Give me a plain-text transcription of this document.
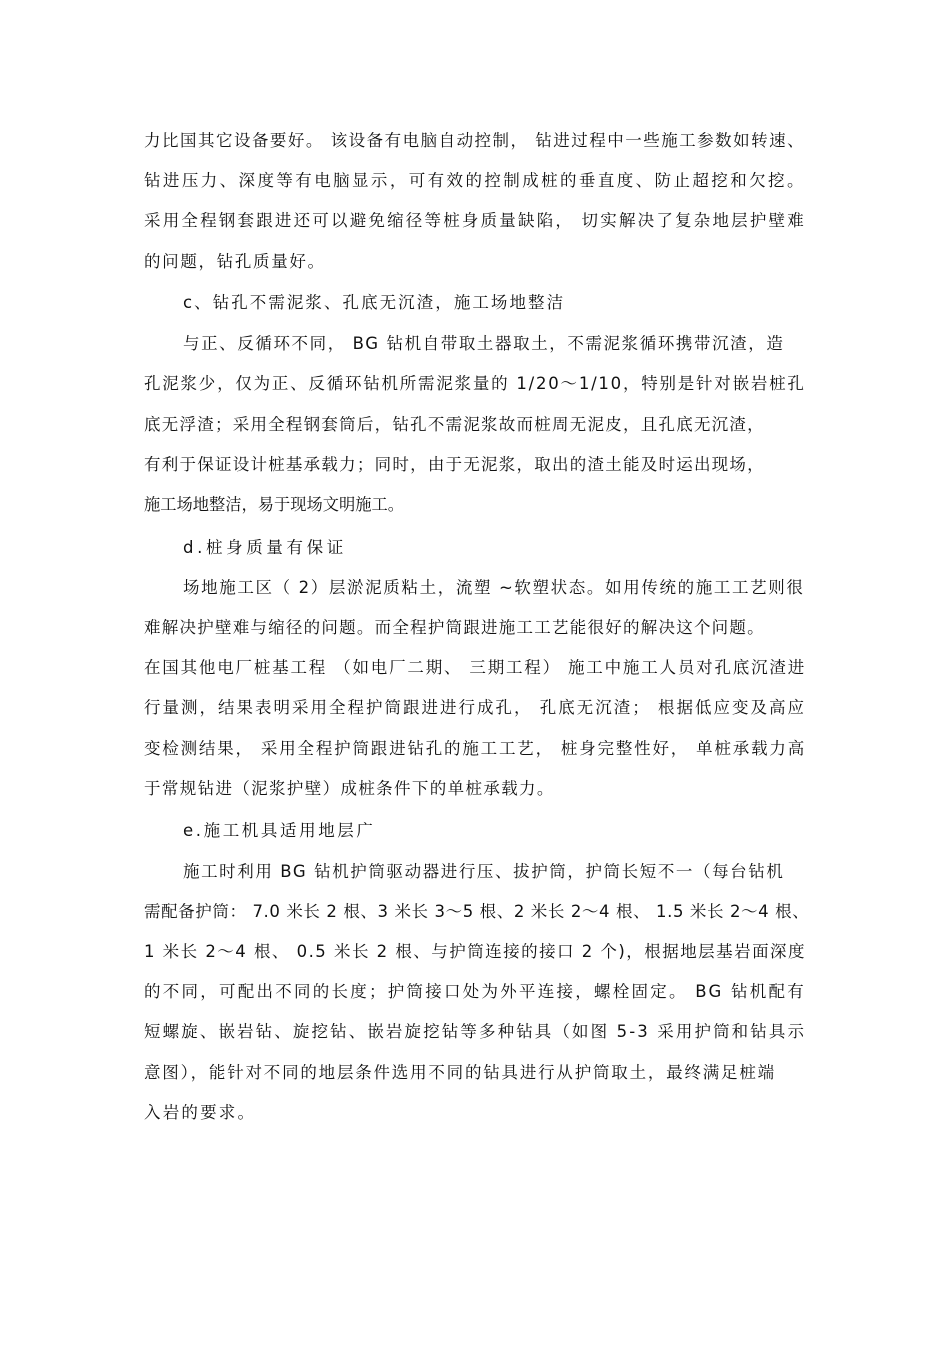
力比国其它设备要好。 该设备有电脑自动控制， 钻进过程中一些施工参数如转速、
钻进压力、深度等有电脑显示，可有效的控制成桩的垂直度、防止超挖和欠挖。
采用全程钢套跟进还可以避免缩径等桩身质量缺陷， 切实解决了复杂地层护壁难
的问题，钻孔质量好。
c、钻孔不需泥浆、孔底无沉渣，施工场地整洁
与正、反循环不同， BG 钻机自带取土器取土，不需泥浆循环携带沉渣，造
孔泥浆少，仅为正、反循环钻机所需泥浆量的 1/20～1/10，特别是针对嵌岩桩孔
底无浮渣；采用全程钢套筒后，钻孔不需泥浆故而桩周无泥皮，且孔底无沉渣，
有利于保证设计桩基承载力；同时，由于无泥浆，取出的渣土能及时运出现场，
施工场地整洁，易于现场文明施工。
d.桩身质量有保证
场地施工区（ 2）层淤泥质粘土，流塑 ~软塑状态。如用传统的施工工艺则很
难解决护壁难与缩径的问题。而全程护筒跟进施工工艺能很好的解决这个问题。
在国其他电厂桩基工程 （如电厂二期、 三期工程） 施工中施工人员对孔底沉渣进
行量测，结果表明采用全程护筒跟进进行成孔， 孔底无沉渣； 根据低应变及高应
变检测结果， 采用全程护筒跟进钻孔的施工工艺， 桩身完整性好， 单桩承载力高
于常规钻进（泥浆护壁）成桩条件下的单桩承载力。
e.施工机具适用地层广
施工时利用 BG 钻机护筒驱动器进行压、拔护筒，护筒长短不一（每台钻机
需配备护筒： 7.0 米长 2 根、3 米长 3～5 根、2 米长 2～4 根、 1.5 米长 2～4 根、
1 米长 2～4 根、 0.5 米长 2 根、与护筒连接的接口 2 个)，根据地层基岩面深度
的不同，可配出不同的长度；护筒接口处为外平连接，螺栓固定。 BG 钻机配有
短螺旋、嵌岩钻、旋挖钻、嵌岩旋挖钻等多种钻具（如图 5-3 采用护筒和钻具示
意图），能针对不同的地层条件选用不同的钻具进行从护筒取土，最终满足桩端
入岩的要求。
